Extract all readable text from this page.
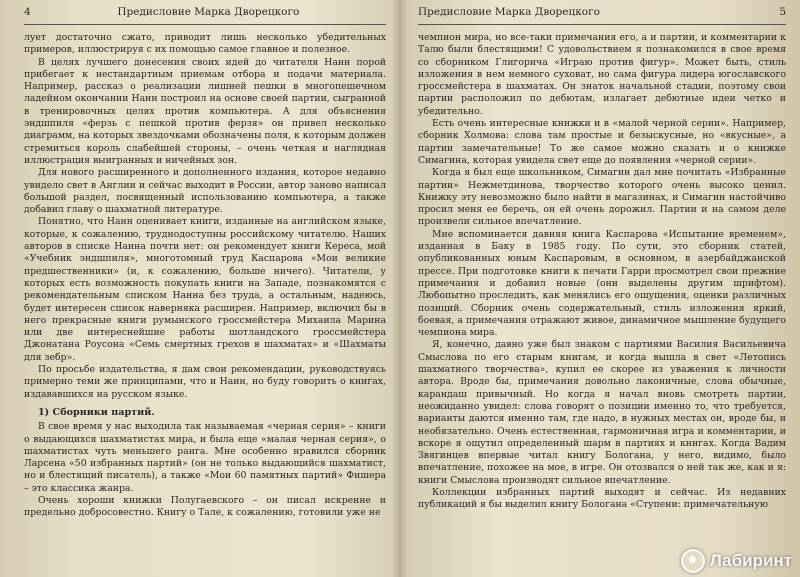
4	Предисловие Марка Дворецкого

лует достаточно сжато, приводит лишь несколько убедительных примеров, иллюстрируя с их помощью самое главное и полезное.

В целях лучшего донесения своих идей до читателя Нанн порой прибегает к нестандартным приемам отбора и подачи материала. Например, рассказ о реализации лишней пешки в многопешечном ладейном окончании Нанн построил на основе своей партии, сыгранной в тренировочных целях против компьютера. А для объяснения эндшпиля «ферзь с пешкой против ферзя» он привел несколько диаграмм, на которых звездочками обозначены поля, к которым должен стремиться король слабейшей стороны, – очень четкая и наглядная иллюстрация выигранных и ничейных зон.

Для нового расширенного и дополненного издания, которое недавно увидело свет в Англии и сейчас выходит в России, автор заново написал большой раздел, посвященный использованию компьютера, а также добавил главу о шахматной литературе.

Понятно, что Нанн оценивает книги, изданные на английском языке, которые, к сожалению, труднодоступны российскому читателю. Наших авторов в списке Нанна почти нет: он рекомендует книги Кереса, мой «Учебник эндшпиля», многотомный труд Каспарова «Мои великие предшественники» (и, к сожалению, больше ничего). Читатели, у которых есть возможность покупать книги на Западе, познакомятся с рекомендательным списком Нанна без труда, а остальным, надеюсь, будет интересен список наверняка расширен. Например, включил бы в него прекрасные книги румынского гроссмейстера Михаила Марина или две интереснейшие работы шотландского гроссмейстера Джонатана Роусона «Семь смертных грехов в шахматах» и «Шахматы для зебр».

По просьбе издательства, я дам свои рекомендации, руководствуясь примерно теми же принципами, что и Нанн, но буду говорить о книгах, издававшихся на русском языке.

1) Сборники партий.

В свое время у нас выходила так называемая «черная серия» – книги о выдающихся шахматистах мира, и была еще «малая черная серия», о шахматистах чуть меньшего ранга. Мне особенно нравился сборник Ларсена «50 избранных партий» (он не только выдающийся шахматист, но и блестящий писатель), а также «Мои 60 памятных партий» Фишера – это классика жанра.

Очень хороши книжки Полугаевского – он писал искренне и предельно добросовестно. Книгу о Тале, к сожалению, готовили уже не

Предисловие Марка Дворецкого	5

чемпион мира, но все-таки примечания его, а и партии, и комментарии к Талю были блестящими! С удовольствием я познакомился в свое время со сборником Глигорича «Играю против фигур». Может быть, стиль изложения в нем немного суховат, но сама фигура лидера югославского гроссмейстера в шахматах. Он знаток начальной стадии, поэтому свои партии расположил по дебютам, излагает дебютные идеи четко и убедительно.

Есть очень интересные книжки и в «малой черной серии». Например, сборник Холмова: слова там простые и безыскусные, но «вкусные», а партии замечательные! То же самое можно сказать и о книжке Симагина, которая увидела свет еще до появления «черной серии».

Когда я был еще школьником, Симагин дал мне почитать «Избранные партии» Нежметдинова, творчество которого очень высоко ценил. Книжку эту невозможно было найти в магазинах, и Симагин настойчиво просил меня ее беречь, он ей очень дорожил. Партии и на самом деле произвели сильное впечатление.

Мне вспоминается давняя книга Каспарова «Испытание временем», изданная в Баку в 1985 году. По сути, это сборник статей, опубликованных юным Каспаровым, в основном, в азербайджанской прессе. При подготовке книги к печати Гарри просмотрел свои прежние примечания и добавил новые (они выделены другим шрифтом). Любопытно проследить, как менялись его ощущения, оценки различных позиций. Сборник очень содержательный, стиль изложения яркий, боевая, а примечания отражают живое, динамичное мышление будущего чемпиона мира.

Я, конечно, давно уже был знаком с партиями Василия Васильевича Смыслова по его старым книгам, и когда вышла в свет «Летопись шахматного творчества», купил ее скорее из уважения к личности автора. Вроде бы, примечания довольно лаконичные, слова обычные, карандаш привычный. Но когда я начал вновь смотреть партии, неожиданно увидел: слова говорят о позиции именно то, что требуется, варианты даются именно там, где надо, в нужных местах он, вроде бы, и необязательно. Очень естественная, гармоничная игра и комментарии, и вскоре я ощутил определенный шарм в партиях и книгах. Когда Вадим Звягинцев впервые читал книгу Бологана, у него, видимо, было впечатление, похожее на мое, в игре. Он отозвался о ней так же, как и я: книги Смыслова производят сильное впечатление.

Коллекции избранных партий выходят и сейчас. Из недавних публикаций я бы выделил книгу Бологана «Ступени: примечательную

Лабиринт
